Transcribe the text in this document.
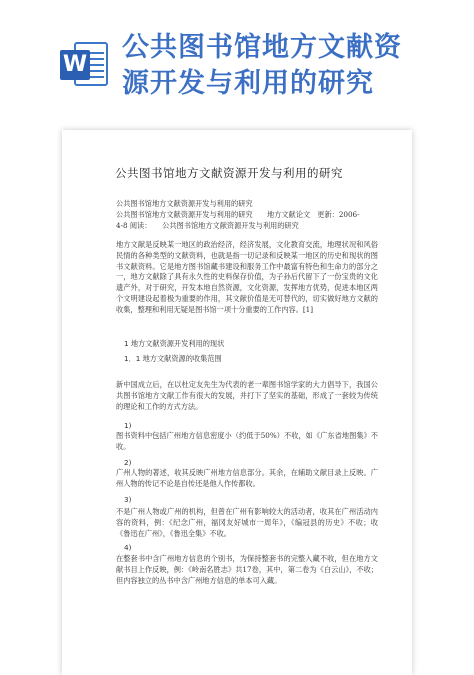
W
公共图书馆地方文献资
源开发与利用的研究
公共图书馆地方文献资源开发与利用的研究
公共图书馆地方文献资源开发与利用的研究
公共图书馆地方文献资源开发与利用的研究　　地方文献论文　更新：2006-
4-8 阅读：　　公共图书馆地方文献资源开发与利用的研究

地方文献是反映某一地区的政治经济，经济发展，文化教育交流，地理状况和风俗民情的各种类型的文献资料，也就是指一切记录和反映某一地区的历史和现状的图书文献资料。它是地方图书馆藏书建设和服务工作中最富有特色和生命力的部分之一，地方文献除了具有永久性的史料保存价值，为子孙后代留下了一份宝贵的文化遗产外，对于研究，开发本地自然资源，文化资源，发挥地方优势，促进本地区两个文明建设起着极为重要的作用，其文献价值是无可替代的，切实做好地方文献的收集，整理和利用无疑是图书馆一项十分重要的工作内容。[1]

1 地方文献资源开发利用的现状
1．1 地方文献资源的收集范围

新中国成立后，在以杜定友先生为代表的老一辈图书馆学家的大力倡导下，我国公共图书馆地方文献工作有很大的发展，并打下了坚实的基础，形成了一套较为传统的理论和工作的方式方法。

1)

图书资料中包括广州地方信息密度小（约低于50%）不收，如《广东省地图集》不收。

2)

广州人物的著述，收其反映广州地方信息部分。其余，在辅助文献目录上反映。广州人物的传记不论是自传还是他人作传都收。

3)

不是广州人物或广州的机构，但曾在广州有影响较大的活动者，收其在广州活动内容的资料，例：《纪念广州，福冈友好城市一周年》，《编冠县的历史》不收；收《鲁迅在广州》，《鲁迅全集》不收。

4)

在整套书中含广州地方信息的个别书，为保持整套书的完整入藏不收，但在地方文献书目上作反映，例：《岭南名胜志》共17卷，其中，第二卷为《白云山》，不收；但内容独立的丛书中含广州地方信息的单本可入藏。
